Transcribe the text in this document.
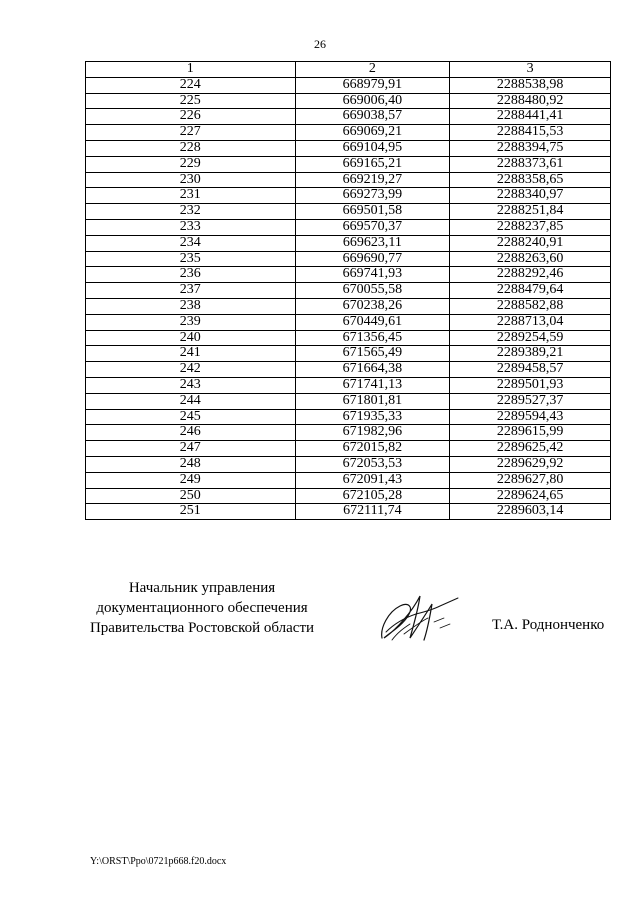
26
1	2	3
224	668979,91	2288538,98
225	669006,40	2288480,92
226	669038,57	2288441,41
227	669069,21	2288415,53
228	669104,95	2288394,75
229	669165,21	2288373,61
230	669219,27	2288358,65
231	669273,99	2288340,97
232	669501,58	2288251,84
233	669570,37	2288237,85
234	669623,11	2288240,91
235	669690,77	2288263,60
236	669741,93	2288292,46
237	670055,58	2288479,64
238	670238,26	2288582,88
239	670449,61	2288713,04
240	671356,45	2289254,59
241	671565,49	2289389,21
242	671664,38	2289458,57
243	671741,13	2289501,93
244	671801,81	2289527,37
245	671935,33	2289594,43
246	671982,96	2289615,99
247	672015,82	2289625,42
248	672053,53	2289629,92
249	672091,43	2289627,80
250	672105,28	2289624,65
251	672111,74	2289603,14
Начальник управления
документационного обеспечения
Правительства Ростовской области	Т.А. Роднонченко
Y:\ORST\Ppo\0721p668.f20.docx
